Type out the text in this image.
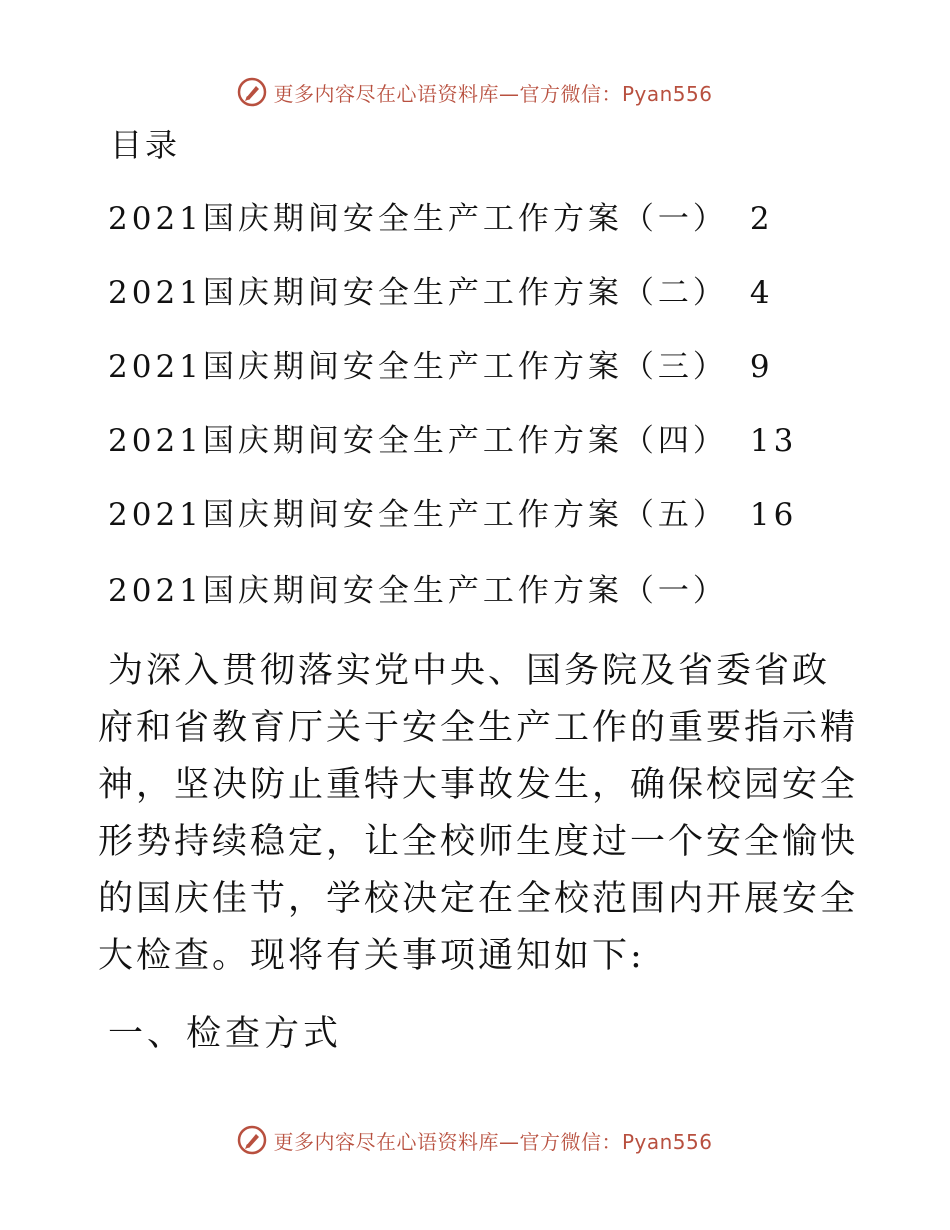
更多内容尽在心语资料库—官方微信：Pyan556
目录
2021国庆期间安全生产工作方案（一） 2
2021国庆期间安全生产工作方案（二） 4
2021国庆期间安全生产工作方案（三） 9
2021国庆期间安全生产工作方案（四） 13
2021国庆期间安全生产工作方案（五） 16
2021国庆期间安全生产工作方案（一）

为深入贯彻落实党中央、国务院及省委省政府和省教育厅关于安全生产工作的重要指示精神，坚决防止重特大事故发生，确保校园安全形势持续稳定，让全校师生度过一个安全愉快的国庆佳节，学校决定在全校范围内开展安全大检查。现将有关事项通知如下:

一、检查方式
更多内容尽在心语资料库—官方微信：Pyan556
